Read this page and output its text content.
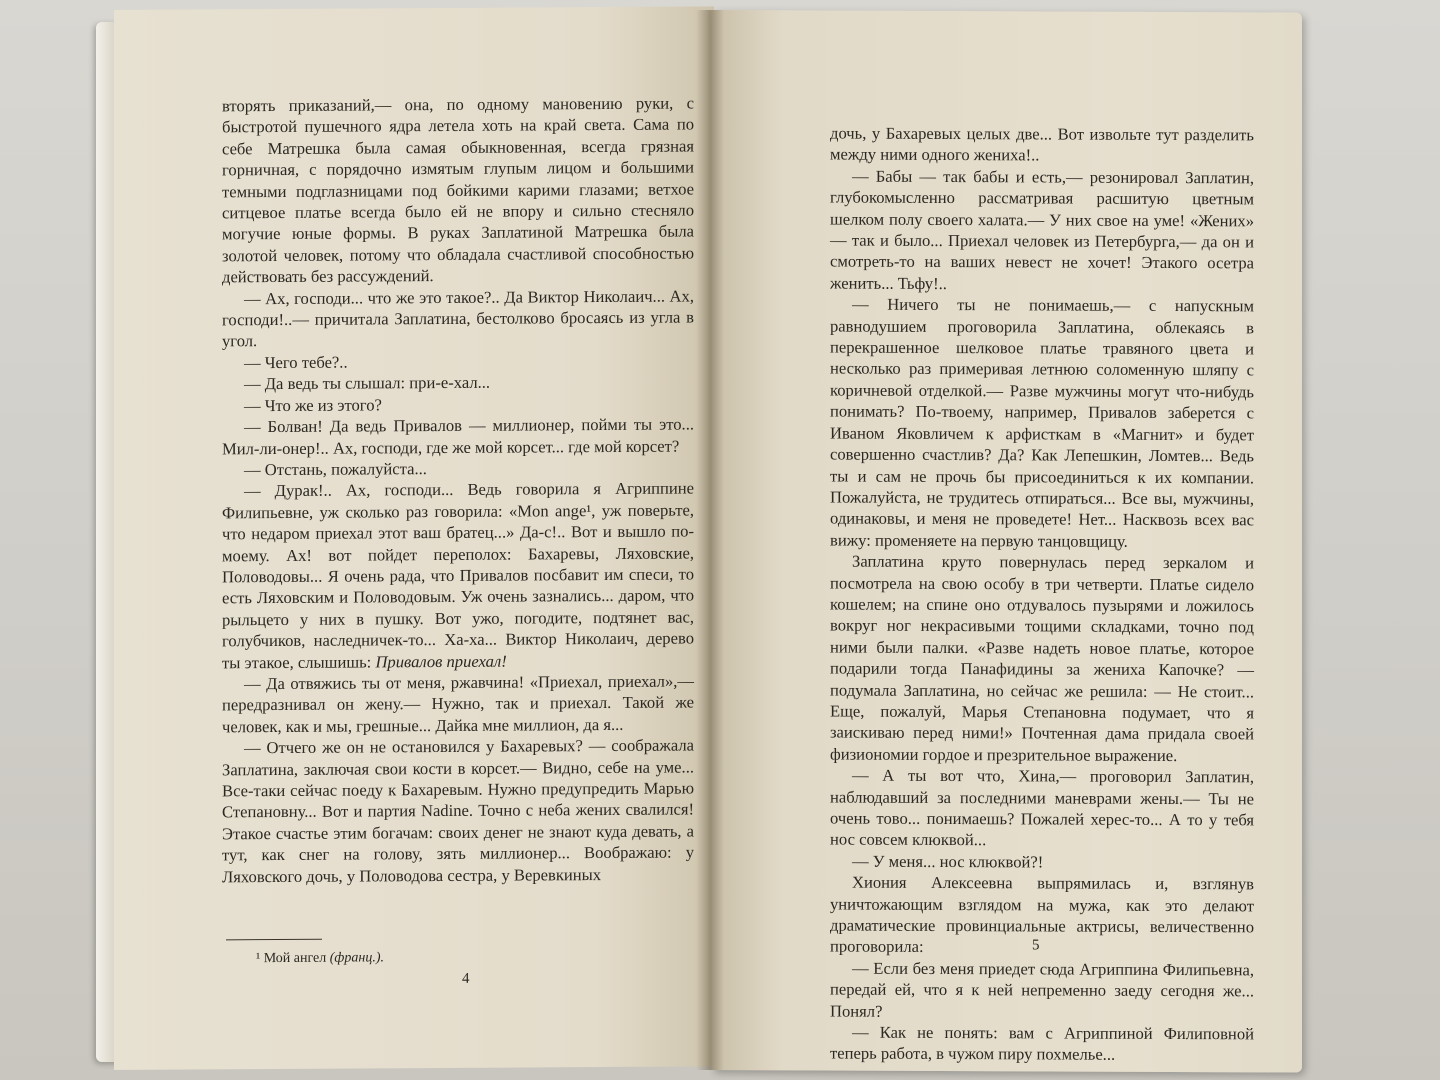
вторять приказаний,— она, по одному мановению руки, с быстротой пушечного ядра летела хоть на край света. Сама по себе Матрешка была самая обыкновенная, всегда грязная горничная, с порядочно измятым глупым лицом и большими темными подглазницами под бойкими карими глазами; ветхое ситцевое платье всегда было ей не впору и сильно стесняло могучие юные формы. В руках Заплатиной Матрешка была золотой человек, потому что обладала счастливой способностью действовать без рассуждений.

— Ах, господи... что же это такое?.. Да Виктор Николаич... Ах, господи!..— причитала Заплатина, бестолково бросаясь из угла в угол.

— Чего тебе?..

— Да ведь ты слышал: при-е-хал...

— Что же из этого?

— Болван! Да ведь Привалов — миллионер, пойми ты это... Мил-ли-онер!.. Ах, господи, где же мой корсет... где мой корсет?

— Отстань, пожалуйста...

— Дурак!.. Ах, господи... Ведь говорила я Агриппине Филипьевне, уж сколько раз говорила: «Mon ange¹, уж поверьте, что недаром приехал этот ваш братец...» Да-с!.. Вот и вышло по-моему. Ах! вот пойдет переполох: Бахаревы, Ляховские, Половодовы... Я очень рада, что Привалов посбавит им спеси, то есть Ляховским и Половодовым. Уж очень зазнались... даром, что рыльцето у них в пушку. Вот ужо, погодите, подтянет вас, голубчиков, наследничек-то... Ха-ха... Виктор Николаич, дерево ты этакое, слышишь: Привалов приехал!

— Да отвяжись ты от меня, ржавчина! «Приехал, приехал»,— передразнивал он жену.— Нужно, так и приехал. Такой же человек, как и мы, грешные... Дайка мне миллион, да я...

— Отчего же он не остановился у Бахаревых? — соображала Заплатина, заключая свои кости в корсет.— Видно, себе на уме... Все-таки сейчас поеду к Бахаревым. Нужно предупредить Марью Степановну... Вот и партия Nadine. Точно с неба жених свалился! Этакое счастье этим богачам: своих денег не знают куда девать, а тут, как снег на голову, зять миллионер... Воображаю: у Ляховского дочь, у Половодова сестра, у Веревкиных

¹ Мой ангел (франц.).
4

дочь, у Бахаревых целых две... Вот извольте тут разделить между ними одного жениха!..

— Бабы — так бабы и есть,— резонировал Заплатин, глубокомысленно рассматривая расшитую цветным шелком полу своего халата.— У них свое на уме! «Жених» — так и было... Приехал человек из Петербурга,— да он и смотреть-то на ваших невест не хочет! Этакого осетра женить... Тьфу!..

— Ничего ты не понимаешь,— с напускным равнодушием проговорила Заплатина, облекаясь в перекрашенное шелковое платье травяного цвета и несколько раз примеривая летнюю соломенную шляпу с коричневой отделкой.— Разве мужчины могут что-нибудь понимать? По-твоему, например, Привалов заберется с Иваном Яковличем к арфисткам в «Магнит» и будет совершенно счастлив? Да? Как Лепешкин, Ломтев... Ведь ты и сам не прочь бы присоединиться к их компании. Пожалуйста, не трудитесь отпираться... Все вы, мужчины, одинаковы, и меня не проведете! Нет... Насквозь всех вас вижу: променяете на первую танцовщицу.

Заплатина круто повернулась перед зеркалом и посмотрела на свою особу в три четверти. Платье сидело кошелем; на спине оно отдувалось пузырями и ложилось вокруг ног некрасивыми тощими складками, точно под ними были палки. «Разве надеть новое платье, которое подарили тогда Панафидины за жениха Капочке? — подумала Заплатина, но сейчас же решила: — Не стоит... Еще, пожалуй, Марья Степановна подумает, что я заискиваю перед ними!» Почтенная дама придала своей физиономии гордое и презрительное выражение.

— А ты вот что, Хина,— проговорил Заплатин, наблюдавший за последними маневрами жены.— Ты не очень тово... понимаешь? Пожалей херес-то... А то у тебя нос совсем клюквой...

— У меня... нос клюквой?!

Хиония Алексеевна выпрямилась и, взглянув уничтожающим взглядом на мужа, как это делают драматические провинциальные актрисы, величественно проговорила:

— Если без меня приедет сюда Агриппина Филипьевна, передай ей, что я к ней непременно заеду сегодня же... Понял?

— Как не понять: вам с Агриппиной Филиповной теперь работа, в чужом пиру похмелье...

5
